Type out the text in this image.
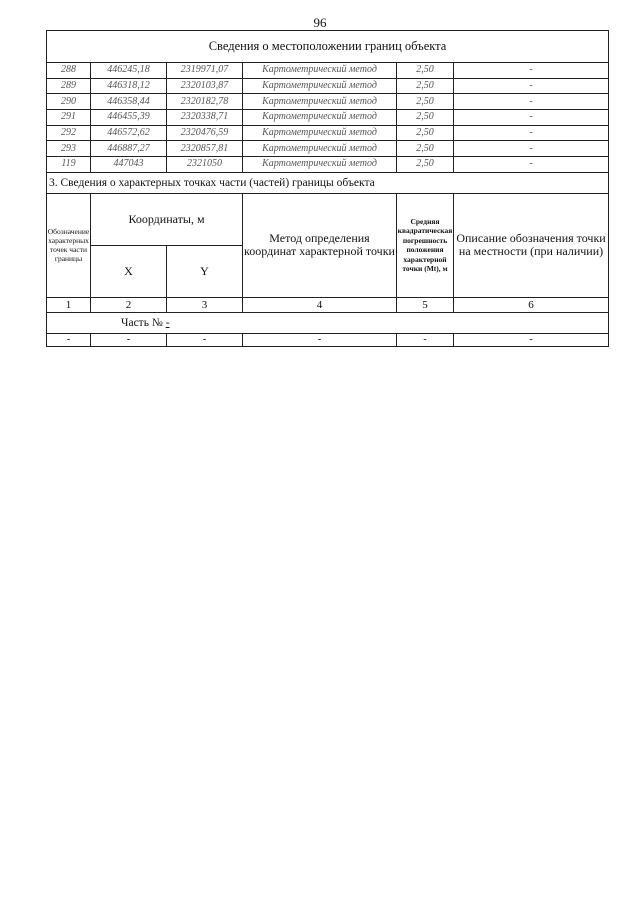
96
Сведения о местоположении границ объекта					
288	446245,18	2319971,07	Картометрический метод	2,50	-
289	446318,12	2320103,87	Картометрический метод	2,50	-
290	446358,44	2320182,78	Картометрический метод	2,50	-
291	446455,39	2320338,71	Картометрический метод	2,50	-
292	446572,62	2320476,59	Картометрический метод	2,50	-
293	446887,27	2320857,81	Картометрический метод	2,50	-
119	447043	2321050	Картометрический метод	2,50	-
3. Сведения о характерных точках части (частей) границы объекта					
Обозначение характерных точек части границы	Координаты, м		Метод определения координат характерной точки	Средняя квадратическая погрешность положения характерной точки (Мt), м	Описание обозначения точки на местности (при наличии)
	X	Y			
1	2	3	4	5	6
Часть № -					
-	-	-	-	-	-
